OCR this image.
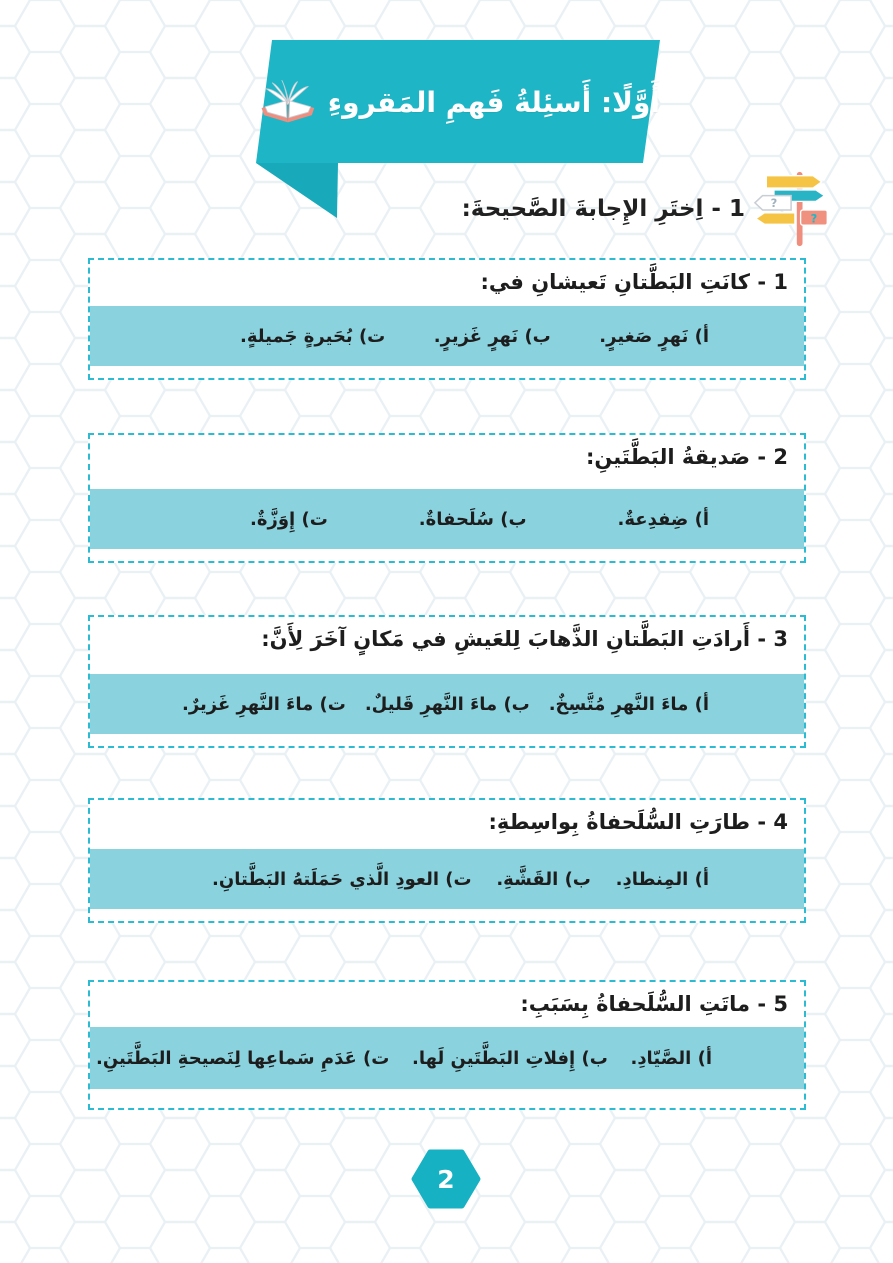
أَوَّلًا: أَسئِلةُ فَهمِ المَقروءِ
?
?
1 - اِختَرِ الإِجابةَ الصَّحيحةَ:
1 - كانَتِ البَطَّتانِ تَعيشانِ في:
أ) نَهرٍ صَغيرٍ.
ب) نَهرٍ غَزيرٍ.
ت) بُحَيرةٍ جَميلةٍ.
2 - صَديقةُ البَطَّتَينِ:
أ) ضِفدِعةٌ.
ب) سُلَحفاةٌ.
ت) إِوَزَّةٌ.
3 - أَرادَتِ البَطَّتانِ الذَّهابَ لِلعَيشِ في مَكانٍ آخَرَ لِأَنَّ:
أ) ماءَ النَّهرِ مُتَّسِخٌ.
ب) ماءَ النَّهرِ قَليلٌ.
ت) ماءَ النَّهرِ غَزيرٌ.
4 - طارَتِ السُّلَحفاةُ بِواسِطةِ:
أ) المِنطادِ.
ب) القَشَّةِ.
ت) العودِ الَّذي حَمَلَتهُ البَطَّتانِ.
5 - ماتَتِ السُّلَحفاةُ بِسَبَبِ:
أ) الصَّيّادِ.
ب) إِفلاتِ البَطَّتَينِ لَها.
ت) عَدَمِ سَماعِها لِنَصيحةِ البَطَّتَينِ.
2
